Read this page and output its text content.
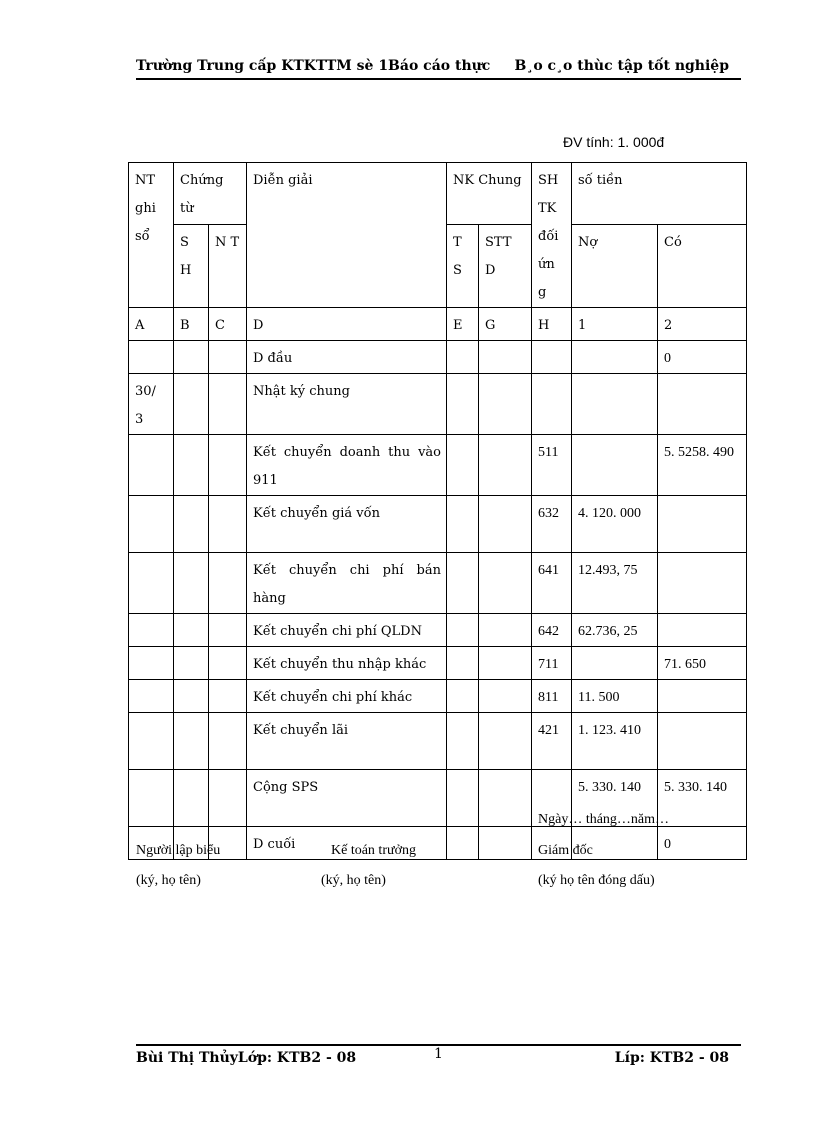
Trường Trung cấp KTKTTM sè 1Báo cáo thực B¸o c¸o thùc tập tốt nghiệp
ĐV tính: 1. 000đ
NT ghi sổ	Chứng từ		Diễn giải	NK Chung		SH TK đối ứn g	số tiền	
	S H	N T		T S	STT D		Nợ	Có
A	B	C	D	E	G	H	1	2
			D đầu					0
30/ 3			Nhật ký chung					
			Kết chuyển doanh thu vào 911			511		5. 5258. 490
			Kết chuyển giá vốn			632	4. 120. 000	
			Kết chuyển chi phí bán hàng			641	12.493, 75	
			Kết chuyển chi phí QLDN			642	62.736, 25	
			Kết chuyển thu nhập khác			711		71. 650
			Kết chuyển chi phí khác			811	11. 500	
			Kết chuyển lãi			421	1. 123. 410	
			Cộng SPS				5. 330. 140	5. 330. 140
			D cuối					0
Ngày… tháng…năm…
Người lập biểu
(ký, họ tên)
Kế toán trưởng
(ký, họ tên)
Giám đốc
(ký họ tên đóng dấu)
Bùi Thị ThủyLớp: KTB2 - 08	1	Líp: KTB2 - 08
